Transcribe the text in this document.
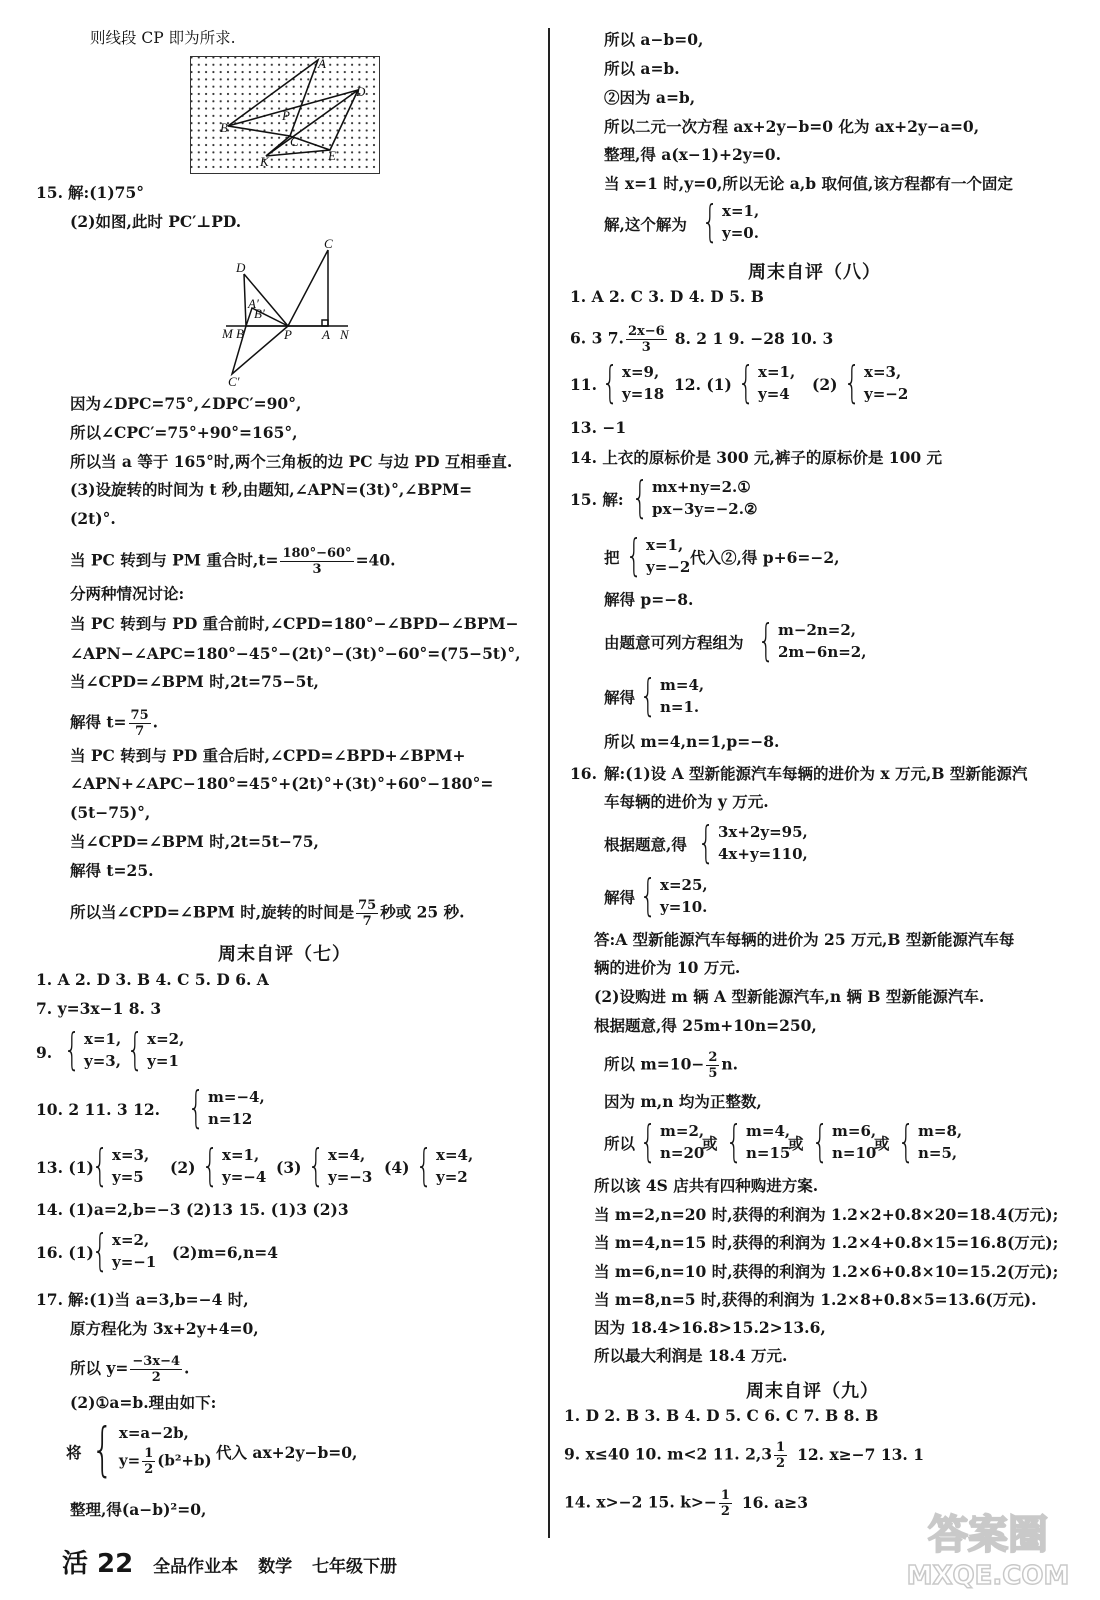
则线段 CP 即为所求.
B
A
C
K
D
E
P
15. 解:(1)75°
(2)如图,此时 PC′⊥PD.
C
D
A′
B′
M B	P A N
C′
因为∠DPC=75°,∠DPC′=90°,
所以∠CPC′=75°+90°=165°,
所以当 a 等于 165°时,两个三角板的边 PC 与边 PD 互相垂直.
(3)设旋转的时间为 t 秒,由题知,∠APN=(3t)°,∠BPM=
(2t)°.
当 PC 转到与 PM 重合时$,t= \frac{180^\circ-60^\circ}{3} =40$.
分两种情况讨论:
当 PC 转到与 PD 重合前时,∠CPD=180°−∠BPD−∠BPM−
∠APN−∠APC=180°−45°−(2t)°−(3t)°−60°=(75−5t)°,
当∠CPD=∠BPM 时,2t=75−5t,
解得 $t= \frac{75}{7}$ .
当 PC 转到与 PD 重合后时,∠CPD=∠BPD+∠BPM+
∠APN+∠APC−180°=45°+(2t)°+(3t)°+60°−180°=
(5t−75)°,
当∠CPD=∠BPM 时,2t=5t−75,
解得 t=25.
所以当∠CPD=∠BPM 时,旋转的时间是 $\frac{75}{7}$ 秒或 25 秒.
周末自评（七）
1. A 2. D 3. B 4. C 5. D 6. A
7. y=3x−1 8. 3
9. { x=1,
y=3, { x=2,
y=1
10. 2 11. 3 12. { m=−4,
n=12
13. (1)
{ x=3,
y=5	(2) { x=1,
y=−4 (3) { x=4,
y=−3 (4) { x=4,
y=2
14. (1)a=2,b=−3 (2)13 15. (1)3 (2)3
16. (1)
{ x=2,
y=−1 (2)m=6,n=4
17. 解:(1)当 a=3,b=−4 时,
原方程化为 3x+2y+4=0,
所以 $y= \frac{-3x-4}{2}$ .
(2)①a=b.理由如下:
将 { x=a−2b,
$y= \frac{1}{2} (b^2+b)$ 代入 ax+2y−b=0,
整理,得(a−b)²=0,
所以 a−b=0,
所以 a=b.
②因为 a=b,
所以二元一次方程 ax+2y−b=0 化为 ax+2y−a=0,
整理,得 a(x−1)+2y=0.
当 x=1 时,y=0,所以无论 a,b 取何值,该方程都有一个固定
解,这个解为 { x=1,
y=0.
周末自评（八）
1. A 2. C 3. D 4. D 5. B
6. 3 7. $\frac{2x-6}{3} 8$. 2 1 9. −28 10. 3
11. { x=9,
y=18 12. (1) { x=1,
y=4	(2) { x=3,
y=−2
13. −1
14. 上衣的原标价是 300 元,裤子的原标价是 100 元
15. 解: { mx+ny=2.①
px−3y=−2.②
把 { x=1,
y=−2 代入②,得 p+6=−2,
解得 p=−8.
由题意可列方程组为 { m−2n=2,
2m−6n=2,
解得 { m=4,
n=1.
所以 m=4,n=1,p=−8.
16. 解:(1)设 A 型新能源汽车每辆的进价为 x 万元,B 型新能源汽
车每辆的进价为 y 万元.
根据题意,得 { 3x+2y=95,
4x+y=110,
解得 { x=25,
y=10.
答:A 型新能源汽车每辆的进价为 25 万元,B 型新能源汽车每
辆的进价为 10 万元.
(2)设购进 m 辆 A 型新能源汽车,n 辆 B 型新能源汽车.
根据题意,得 25m+10n=250,
所以 $m=10- \frac{2}{5} n$.
因为 m,n 均为正整数,
所以 { m=2,
n=20
或 { m=4,
n=15
或 { m=6,
n=10
或 { m=8,
n=5,
所以该 4S 店共有四种购进方案.
当 m=2,n=20 时,获得的利润为 1.2×2+0.8×20=18.4(万元);
当 m=4,n=15 时,获得的利润为 1.2×4+0.8×15=16.8(万元);
当 m=6,n=10 时,获得的利润为 1.2×6+0.8×10=15.2(万元);
当 m=8,n=5 时,获得的利润为 1.2×8+0.8×5=13.6(万元).
因为 18.4>16.8>15.2>13.6,
所以最大利润是 18.4 万元.
周末自评（九）
1. D 2. B 3. B 4. D 5. C 6. C 7. B 8. B
9. x≤40 10. m<2 11. $2,3 \frac{1}{2} 12$. x≥−7 13. 1
14. x>−2 15. $k>- \frac{1}{2} 16$. a≥3
活 22 全品作业本 数学 七年级下册
答案圈
MXQE.COM
